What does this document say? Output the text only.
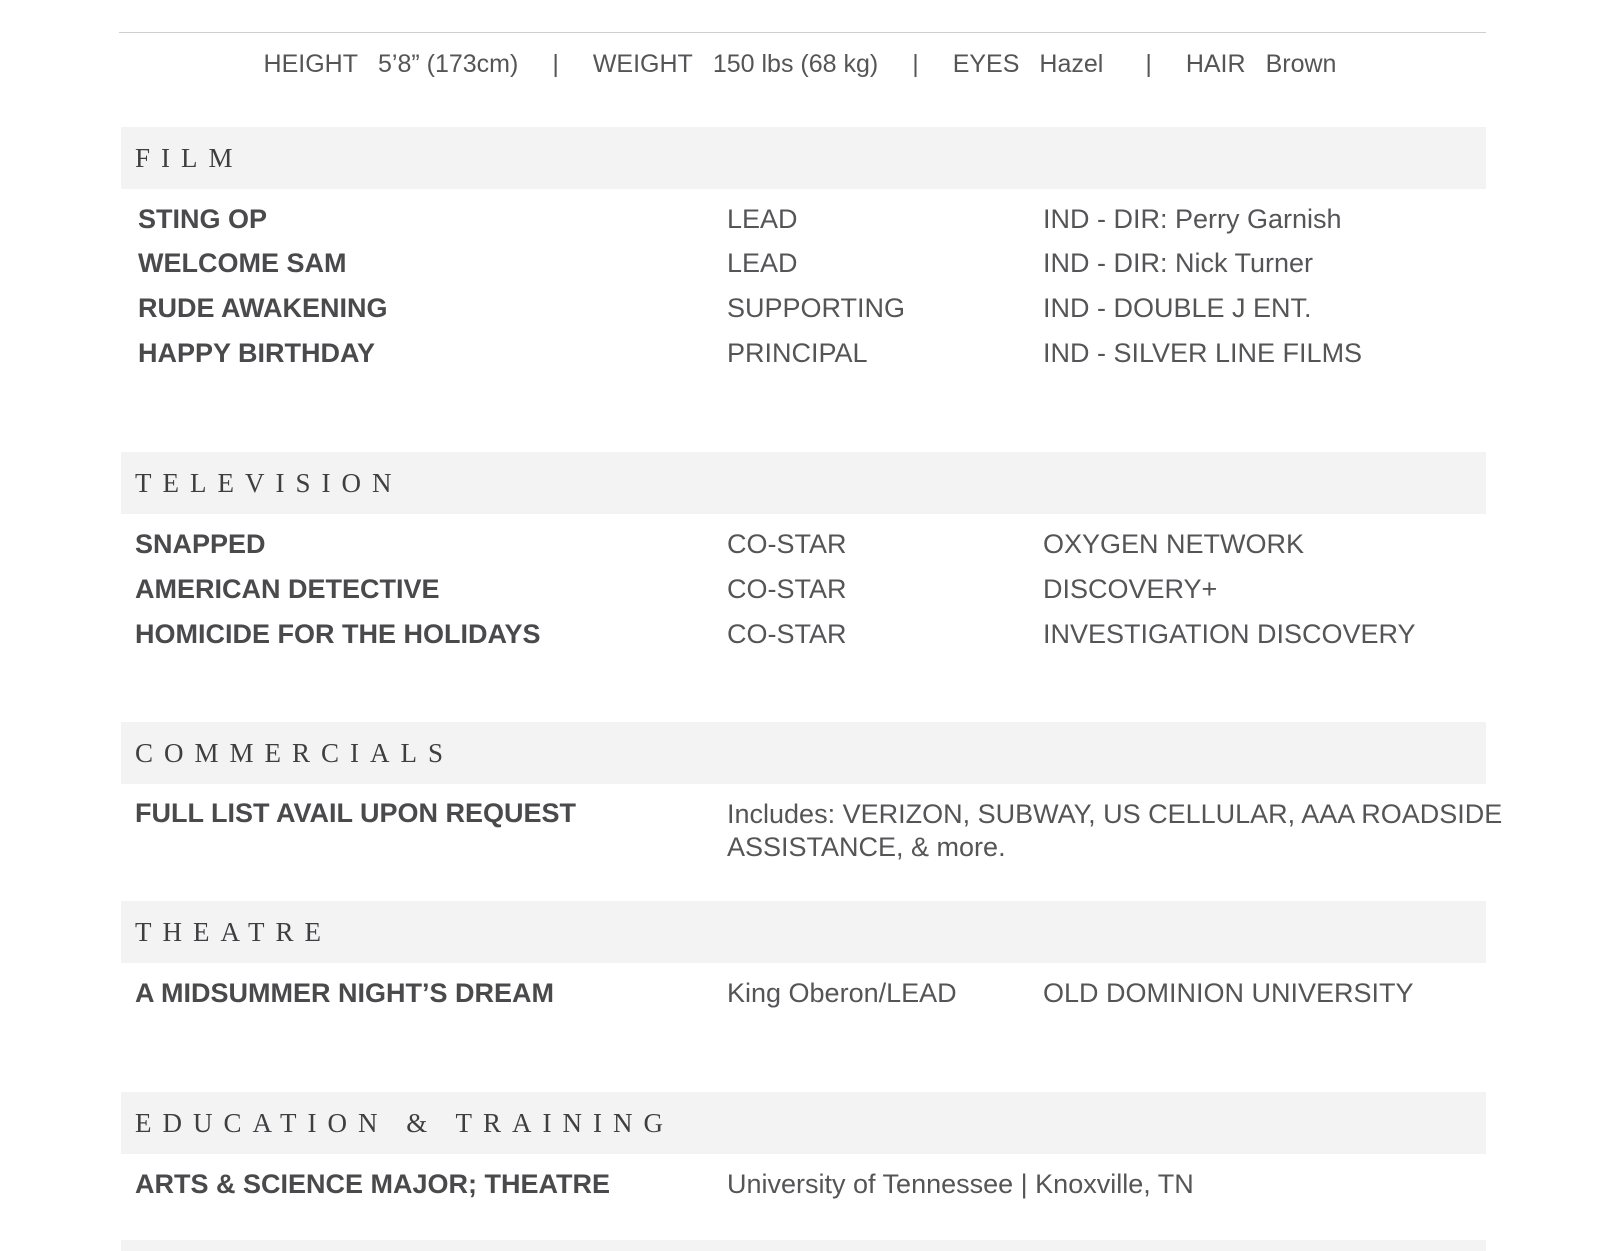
HEIGHT 5’8” (173cm) | WEIGHT 150 lbs (68 kg) | EYES Hazel | HAIR Brown
FILM
STING OP	LEAD	IND - DIR: Perry Garnish
WELCOME SAM	LEAD	IND - DIR: Nick Turner
RUDE AWAKENING	SUPPORTING	IND - DOUBLE J ENT.
HAPPY BIRTHDAY	PRINCIPAL	IND - SILVER LINE FILMS
TELEVISION
SNAPPED	CO-STAR	OXYGEN NETWORK
AMERICAN DETECTIVE	CO-STAR	DISCOVERY+
HOMICIDE FOR THE HOLIDAYS	CO-STAR	INVESTIGATION DISCOVERY
COMMERCIALS
FULL LIST AVAIL UPON REQUEST	Includes: VERIZON, SUBWAY, US CELLULAR, AAA ROADSIDE ASSISTANCE, & more.
THEATRE
A MIDSUMMER NIGHT’S DREAM	King Oberon/LEAD	OLD DOMINION UNIVERSITY
EDUCATION & TRAINING
ARTS & SCIENCE MAJOR; THEATRE	University of Tennessee | Knoxville, TN
